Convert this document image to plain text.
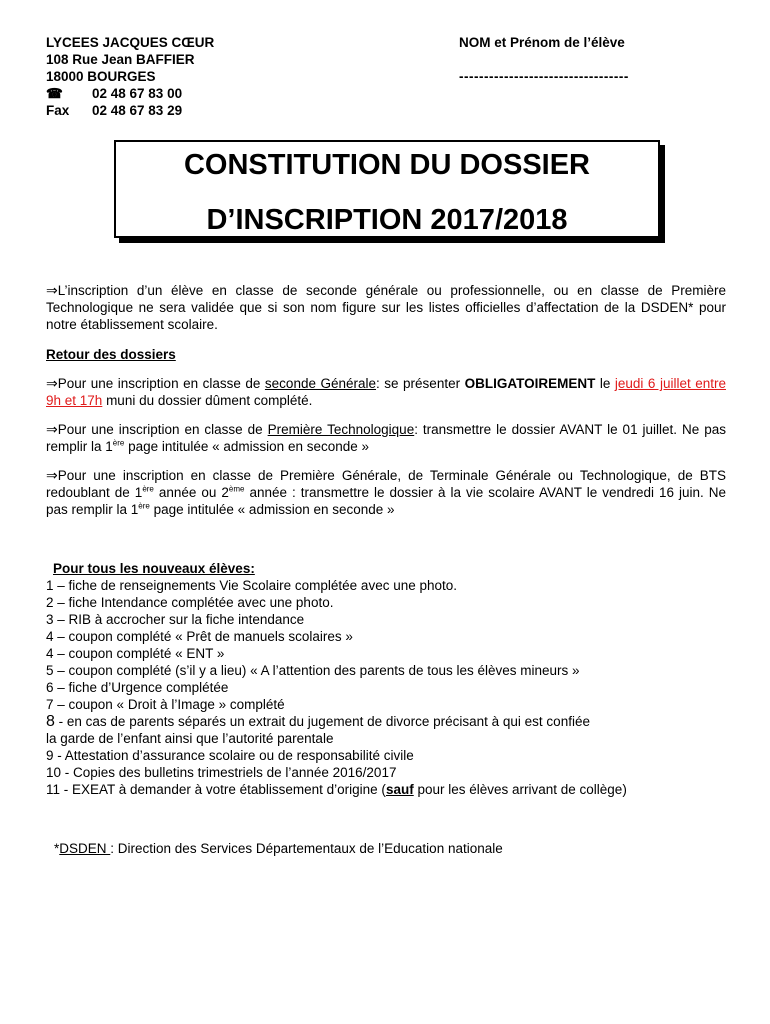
LYCEES JACQUES CŒUR
108 Rue Jean BAFFIER
18000 BOURGES
☎ 02 48 67 83 00
Fax 02 48 67 83 29
NOM et Prénom de l’élève
----------------------------------
CONSTITUTION DU DOSSIER
D’INSCRIPTION 2017/2018
⇒L’inscription d’un élève en classe de seconde générale ou professionnelle, ou en classe de Première Technologique ne sera validée que si son nom figure sur les listes officielles d’affectation de la DSDEN* pour notre établissement scolaire.
Retour des dossiers
⇒Pour une inscription en classe de seconde Générale: se présenter OBLIGATOIREMENT le jeudi 6 juillet entre 9h et 17h muni du dossier dûment complété.
⇒Pour une inscription en classe de Première Technologique: transmettre le dossier AVANT le 01 juillet. Ne pas remplir la 1ère page intitulée « admission en seconde »
⇒Pour une inscription en classe de Première Générale, de Terminale Générale ou Technologique, de BTS redoublant de 1ère année ou 2ème année : transmettre le dossier à la vie scolaire AVANT le vendredi 16 juin. Ne pas remplir la 1ère page intitulée « admission en seconde »
Pour tous les nouveaux élèves:
1 – fiche de renseignements Vie Scolaire complétée avec une photo.
2 – fiche Intendance complétée avec une photo.
3 – RIB à accrocher sur la fiche intendance
4 – coupon complété « Prêt de manuels scolaires »
4 – coupon complété « ENT »
5 – coupon complété (s’il y a lieu) « A l’attention des parents de tous les élèves mineurs »
6 – fiche d’Urgence complétée
7 – coupon « Droit à l’Image » complété
8 - en cas de parents séparés un extrait du jugement de divorce précisant à qui est confiée
la garde de l’enfant ainsi que l’autorité parentale
9 - Attestation d’assurance scolaire ou de responsabilité civile
10 - Copies des bulletins trimestriels de l’année 2016/2017
11 - EXEAT à demander à votre établissement d’origine (sauf pour les élèves arrivant de collège)
*DSDEN : Direction des Services Départementaux de l’Education nationale
